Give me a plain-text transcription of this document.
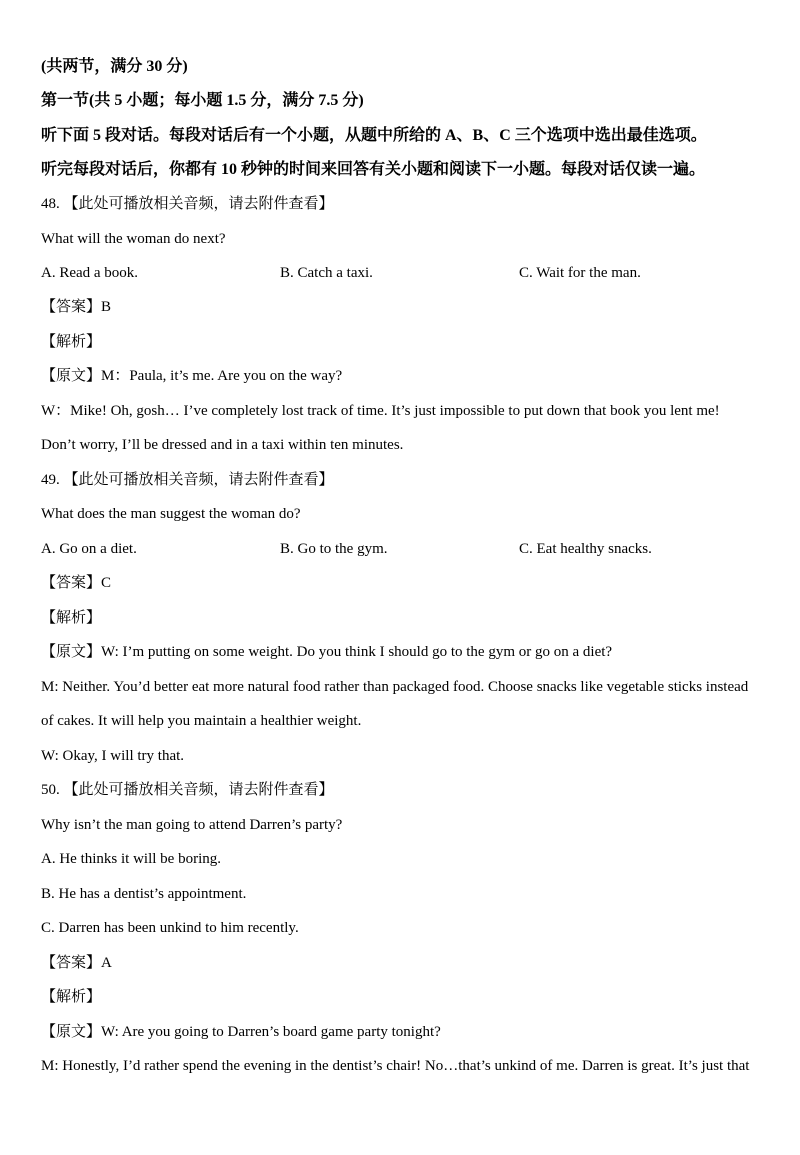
(共两节，满分 30 分)
第一节(共 5 小题；每小题 1.5 分，满分 7.5 分)
听下面 5 段对话。每段对话后有一个小题，从题中所给的 A、B、C 三个选项中选出最佳选项。
听完每段对话后，你都有 10 秒钟的时间来回答有关小题和阅读下一小题。每段对话仅读一遍。
48. 【此处可播放相关音频，请去附件查看】
What will the woman do next?
A. Read a book.	B. Catch a taxi.	C. Wait for the man.
【答案】B
【解析】
【原文】M：Paula, it’s me. Are you on the way?
W：Mike! Oh, gosh… I’ve completely lost track of time. It’s just impossible to put down that book you lent me!
Don’t worry, I’ll be dressed and in a taxi within ten minutes.
49. 【此处可播放相关音频，请去附件查看】
What does the man suggest the woman do?
A. Go on a diet.	B. Go to the gym.	C. Eat healthy snacks.
【答案】C
【解析】
【原文】W: I’m putting on some weight. Do you think I should go to the gym or go on a diet?
M: Neither. You’d better eat more natural food rather than packaged food. Choose snacks like vegetable sticks instead
of cakes. It will help you maintain a healthier weight.
W: Okay, I will try that.
50. 【此处可播放相关音频，请去附件查看】
Why isn’t the man going to attend Darren’s party?
A. He thinks it will be boring.
B. He has a dentist’s appointment.
C. Darren has been unkind to him recently.
【答案】A
【解析】
【原文】W: Are you going to Darren’s board game party tonight?
M: Honestly, I’d rather spend the evening in the dentist’s chair! No…that’s unkind of me. Darren is great. It’s just that
